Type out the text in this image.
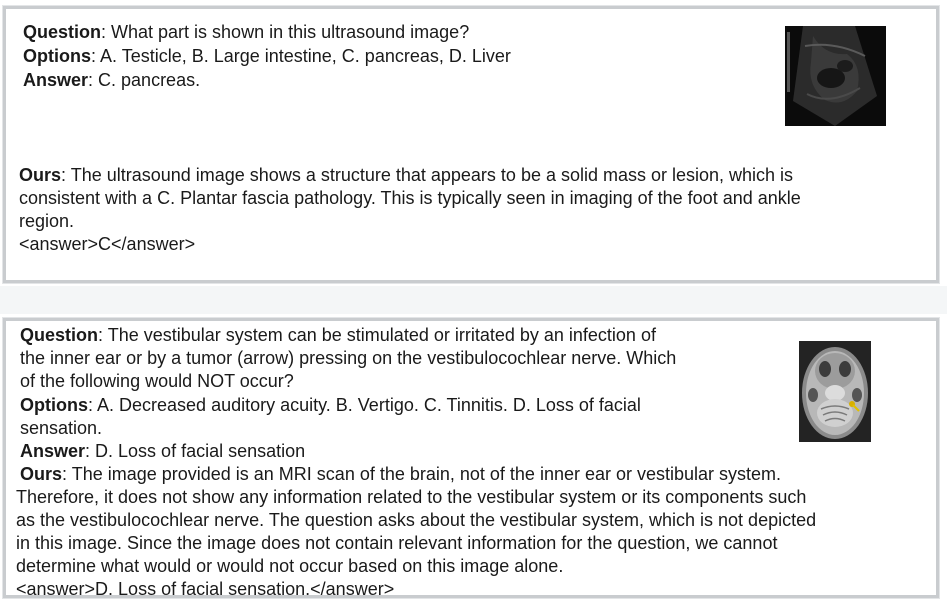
Question: What part is shown in this ultrasound image?
Options: A. Testicle, B. Large intestine, C. pancreas, D. Liver
Answer: C. pancreas.
Ours: The ultrasound image shows a structure that appears to be a solid mass or lesion, which is
consistent with a C. Plantar fascia pathology. This is typically seen in imaging of the foot and ankle
region.
<answer>C</answer>
Question: The vestibular system can be stimulated or irritated by an infection of
the inner ear or by a tumor (arrow) pressing on the vestibulocochlear nerve. Which
of the following would NOT occur?
Options: A. Decreased auditory acuity. B. Vertigo. C. Tinnitis. D. Loss of facial
sensation.
Answer: D. Loss of facial sensation
Ours: The image provided is an MRI scan of the brain, not of the inner ear or vestibular system.
Therefore, it does not show any information related to the vestibular system or its components such
as the vestibulocochlear nerve. The question asks about the vestibular system, which is not depicted
in this image. Since the image does not contain relevant information for the question, we cannot
determine what would or would not occur based on this image alone.
<answer>D. Loss of facial sensation.</answer>
